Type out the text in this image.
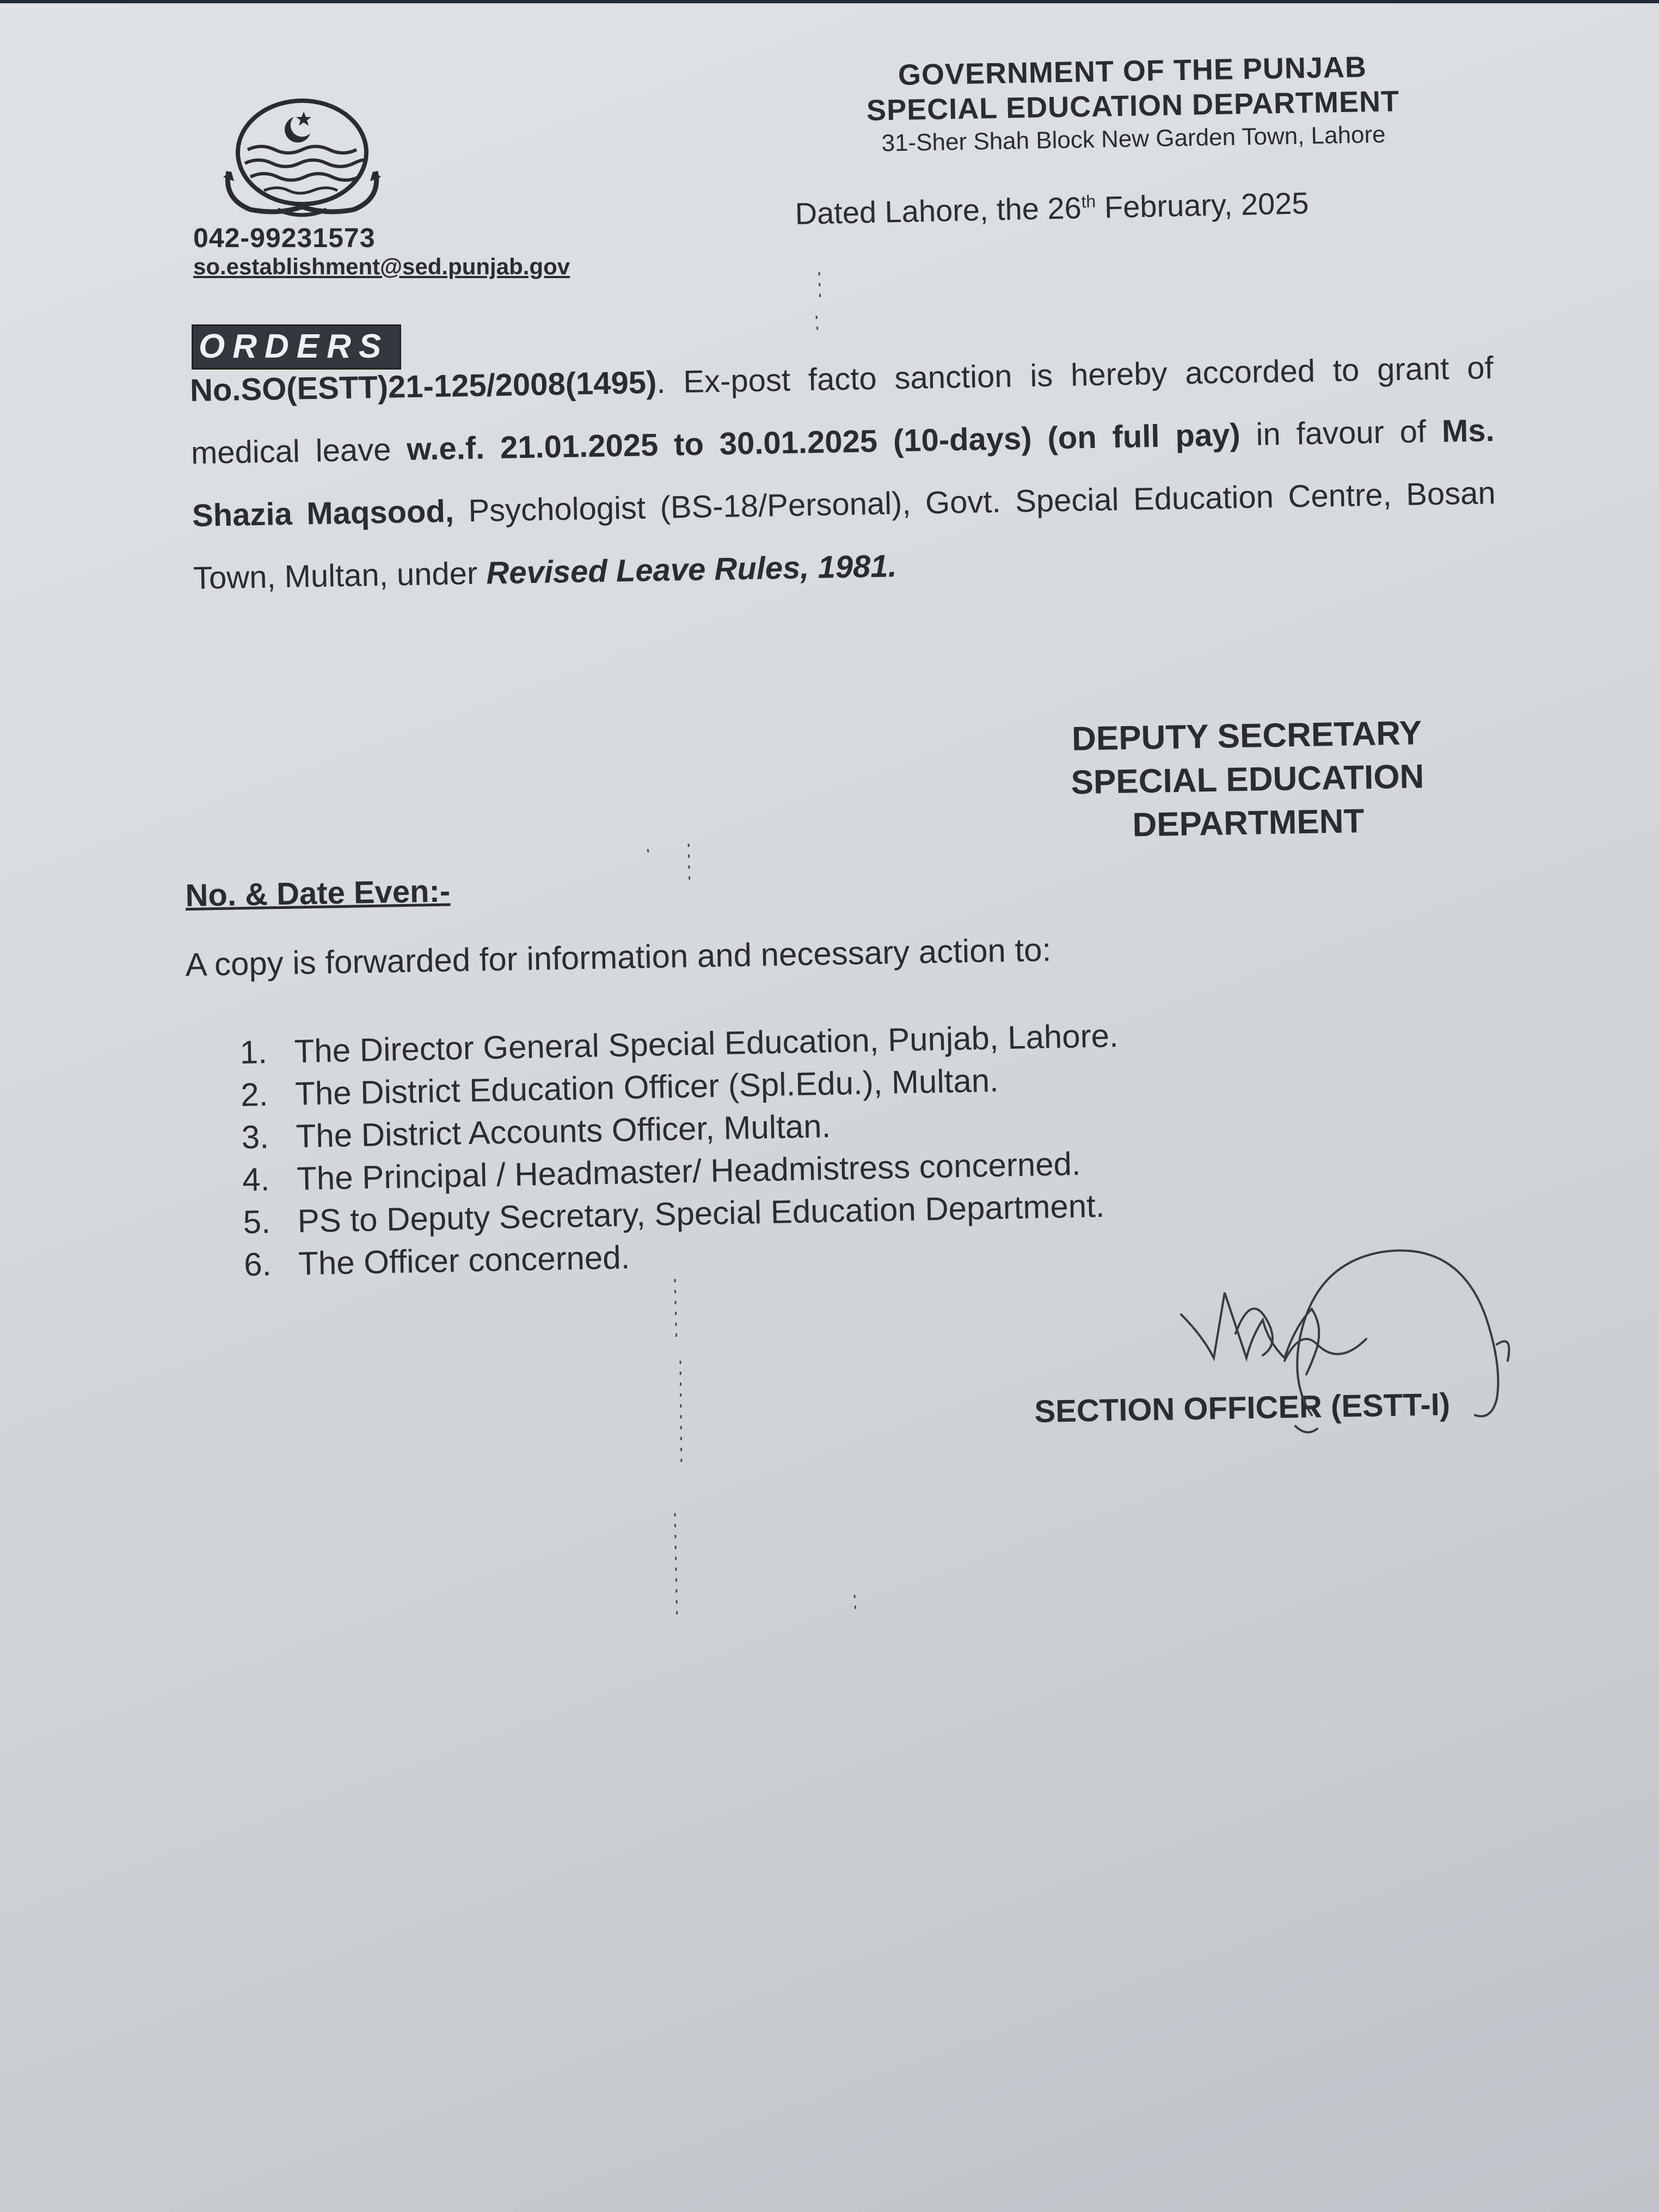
042-99231573
so.establishment@sed.punjab.gov
GOVERNMENT OF THE PUNJAB
SPECIAL EDUCATION DEPARTMENT
31-Sher Shah Block New Garden Town, Lahore
Dated Lahore, the 26th February, 2025
ORDERS
No.SO(ESTT)21-125/2008(1495). Ex-post facto sanction is hereby accorded to grant of medical leave w.e.f. 21.01.2025 to 30.01.2025 (10-days) (on full pay) in favour of Ms. Shazia Maqsood, Psychologist (BS-18/Personal), Govt. Special Education Centre, Bosan Town, Multan, under Revised Leave Rules, 1981.
DEPUTY SECRETARY
SPECIAL EDUCATION
DEPARTMENT
No. & Date Even:-
A copy is forwarded for information and necessary action to:
1. The Director General Special Education, Punjab, Lahore.
2. The District Education Officer (Spl.Edu.), Multan.
3. The District Accounts Officer, Multan.
4. The Principal / Headmaster/ Headmistress concerned.
5. PS to Deputy Secretary, Special Education Department.
6. The Officer concerned.
SECTION OFFICER (ESTT-I)
